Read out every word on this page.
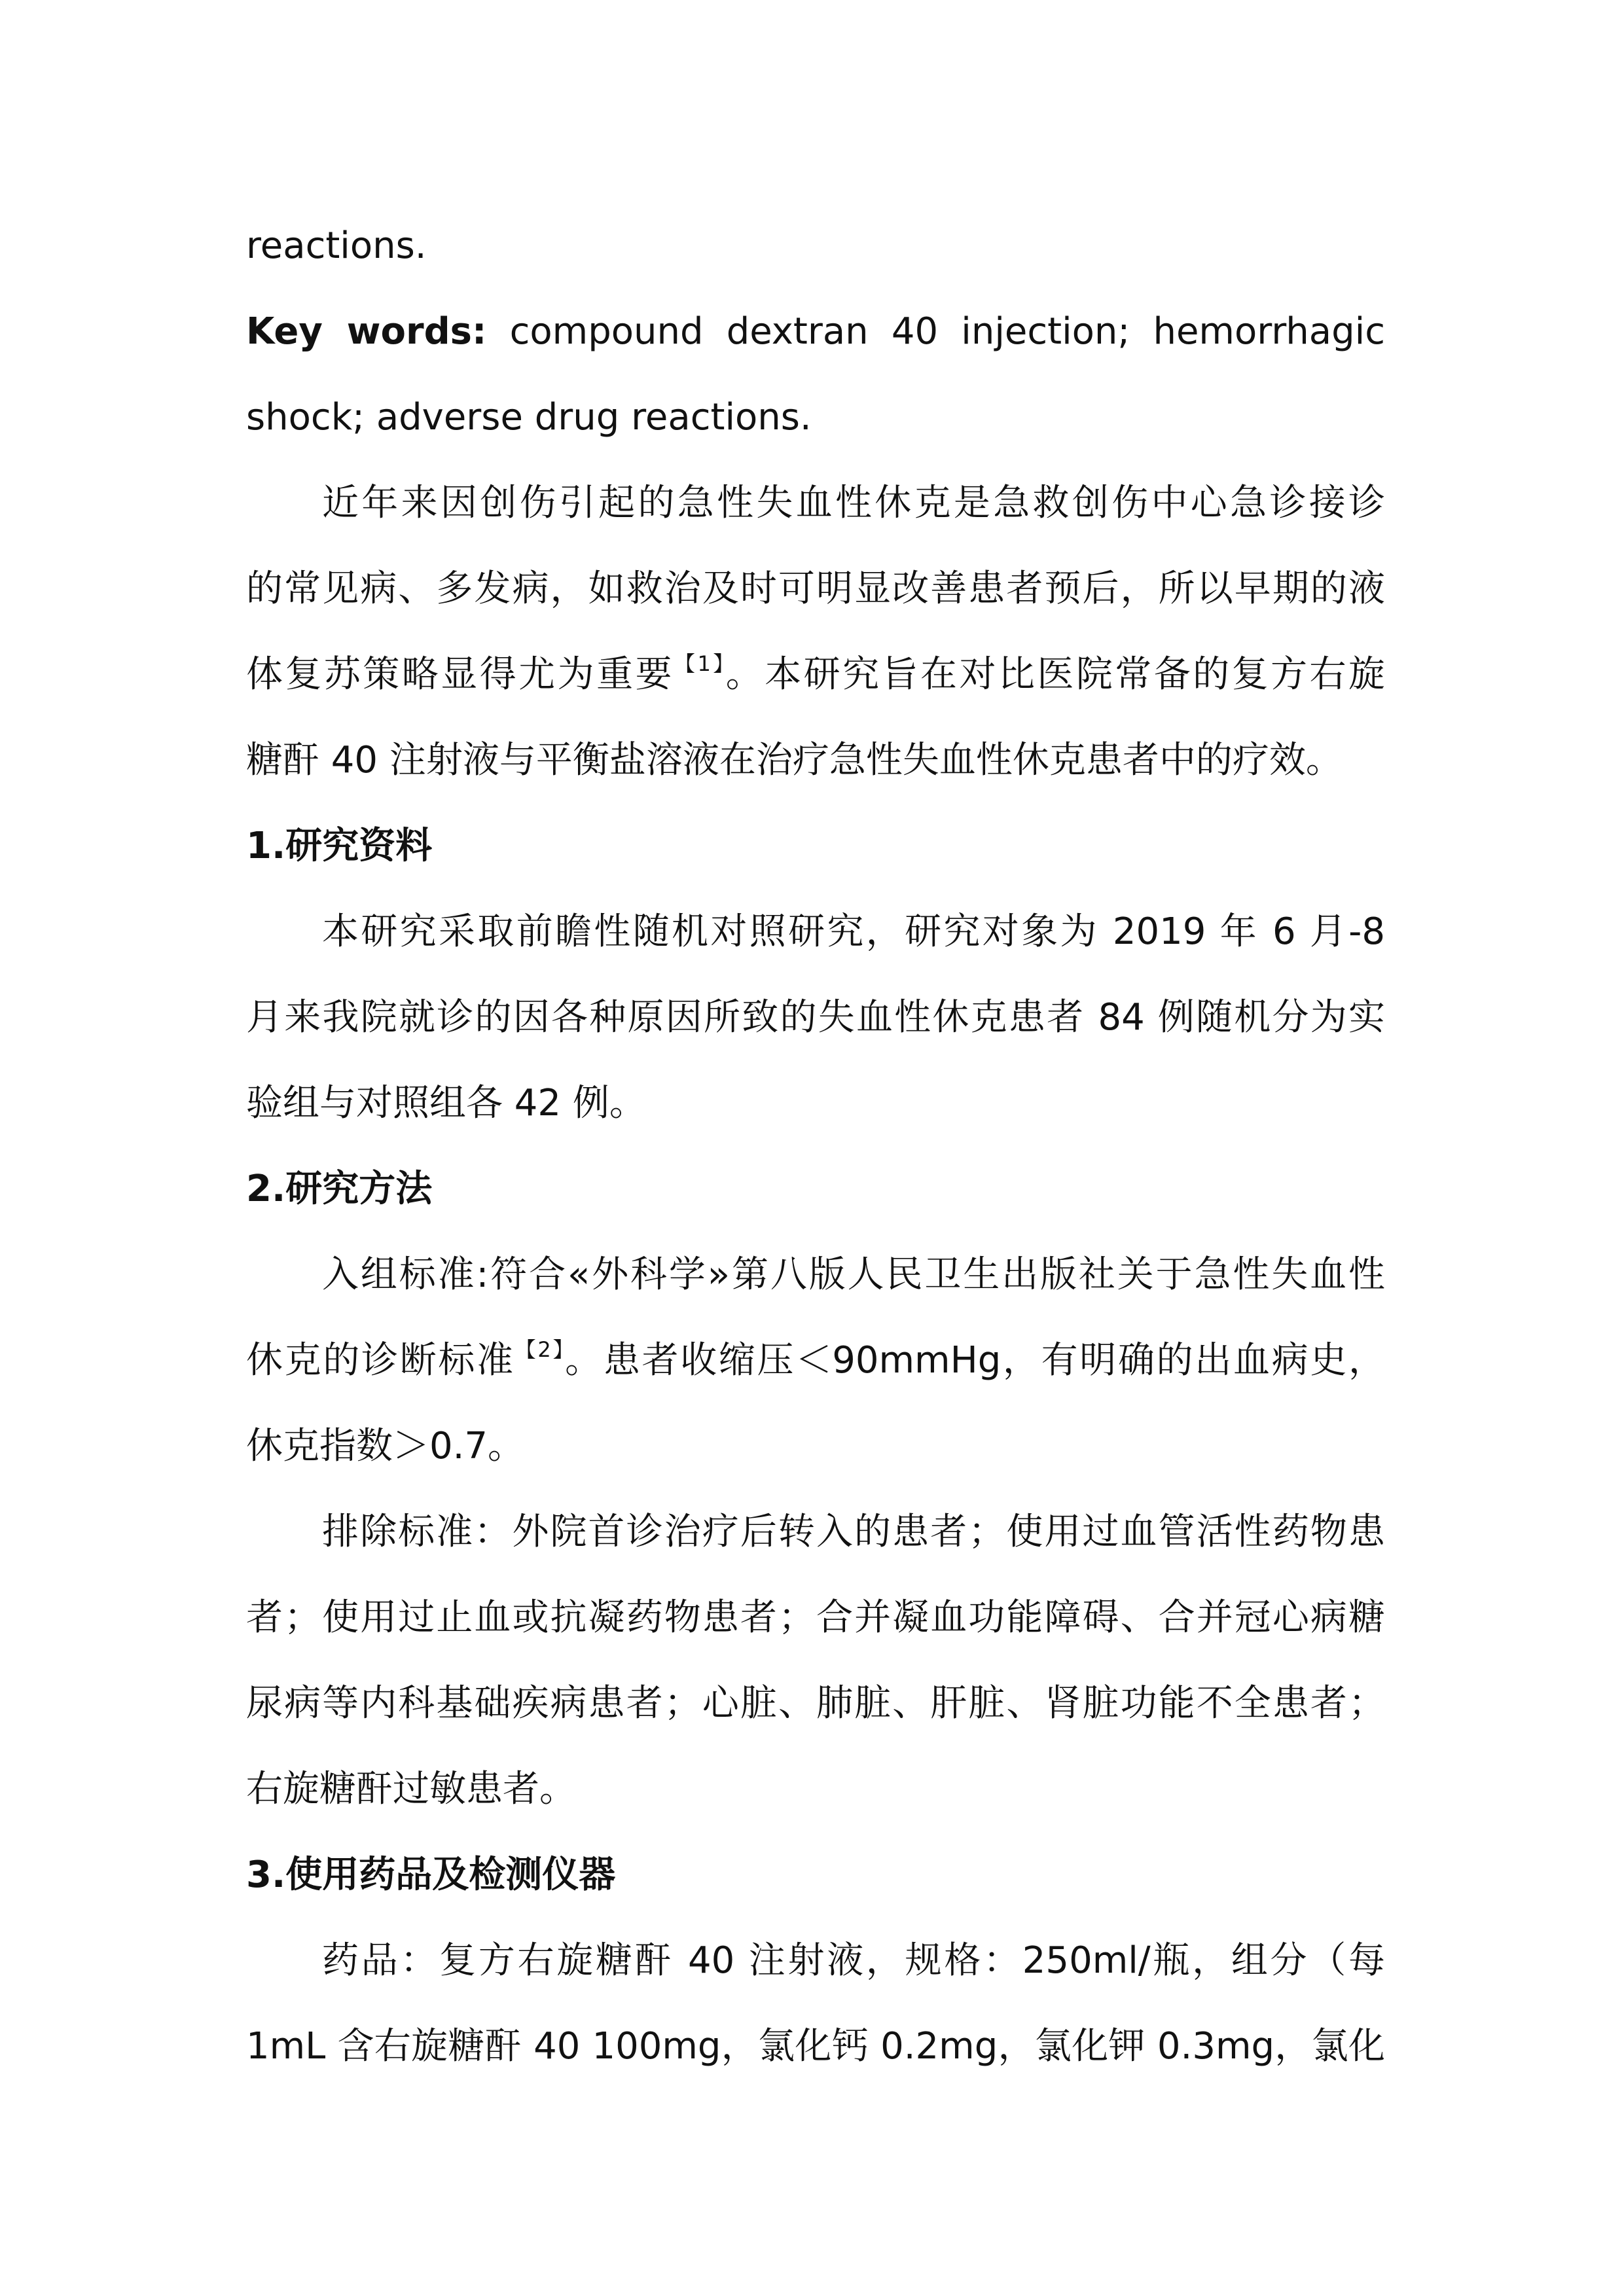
reactions.
Key words: compound dextran 40 injection; hemorrhagic
shock; adverse drug reactions.
近年来因创伤引起的急性失血性休克是急救创伤中心急诊接诊
的常见病、多发病，如救治及时可明显改善患者预后，所以早期的液
体复苏策略显得尤为重要$^{【1】}$。本研究旨在对比医院常备的复方右旋
糖酐 40 注射液与平衡盐溶液在治疗急性失血性休克患者中的疗效。
1.研究资料
本研究采取前瞻性随机对照研究，研究对象为 2019 年 6 月-8
月来我院就诊的因各种原因所致的失血性休克患者 84 例随机分为实
验组与对照组各 42 例。
2.研究方法
入组标准:符合«外科学»第八版人民卫生出版社关于急性失血性
休克的诊断标准$^{【2】}$。患者收缩压＜90mmHg，有明确的出血病史，
休克指数＞0.7。
排除标准：外院首诊治疗后转入的患者；使用过血管活性药物患
者；使用过止血或抗凝药物患者；合并凝血功能障碍、合并冠心病糖
尿病等内科基础疾病患者；心脏、肺脏、肝脏、肾脏功能不全患者；
右旋糖酐过敏患者。
3.使用药品及检测仪器
药品：复方右旋糖酐 40 注射液，规格：250ml/瓶，组分（每
1mL 含右旋糖酐 40 100mg，氯化钙 0.2mg，氯化钾 0.3mg，氯化
